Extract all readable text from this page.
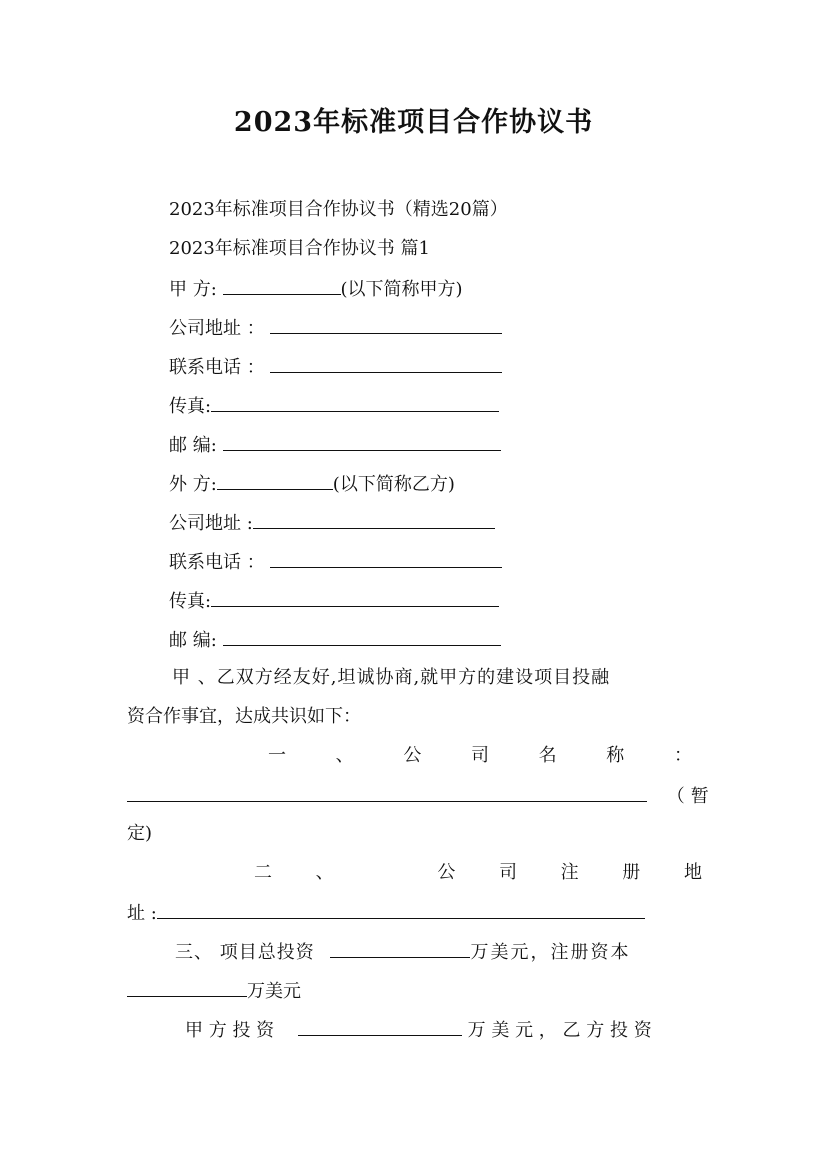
2023年标准项目合作协议书
2023年标准项目合作协议书（精选20篇）
2023年标准项目合作协议书 篇1
甲 方:	(以下简称甲方)
公司地址 ：
联系电话 ：
传真:
邮 编:
外 方:	(以下简称乙方)
公司地址 :
联系电话 ：
传真:
邮 编:
甲 、乙双方经友好,坦诚协商,就甲方的建设项目投融
资合作事宜，达成共识如下：
一	、	公	司	名	称	：
（暂
定)
二 、	公 司 注 册 地
址 :
三、 项目总投资	万美元，注册资本
万美元
甲 方 投 资	万 美 元 ， 乙 方 投 资
